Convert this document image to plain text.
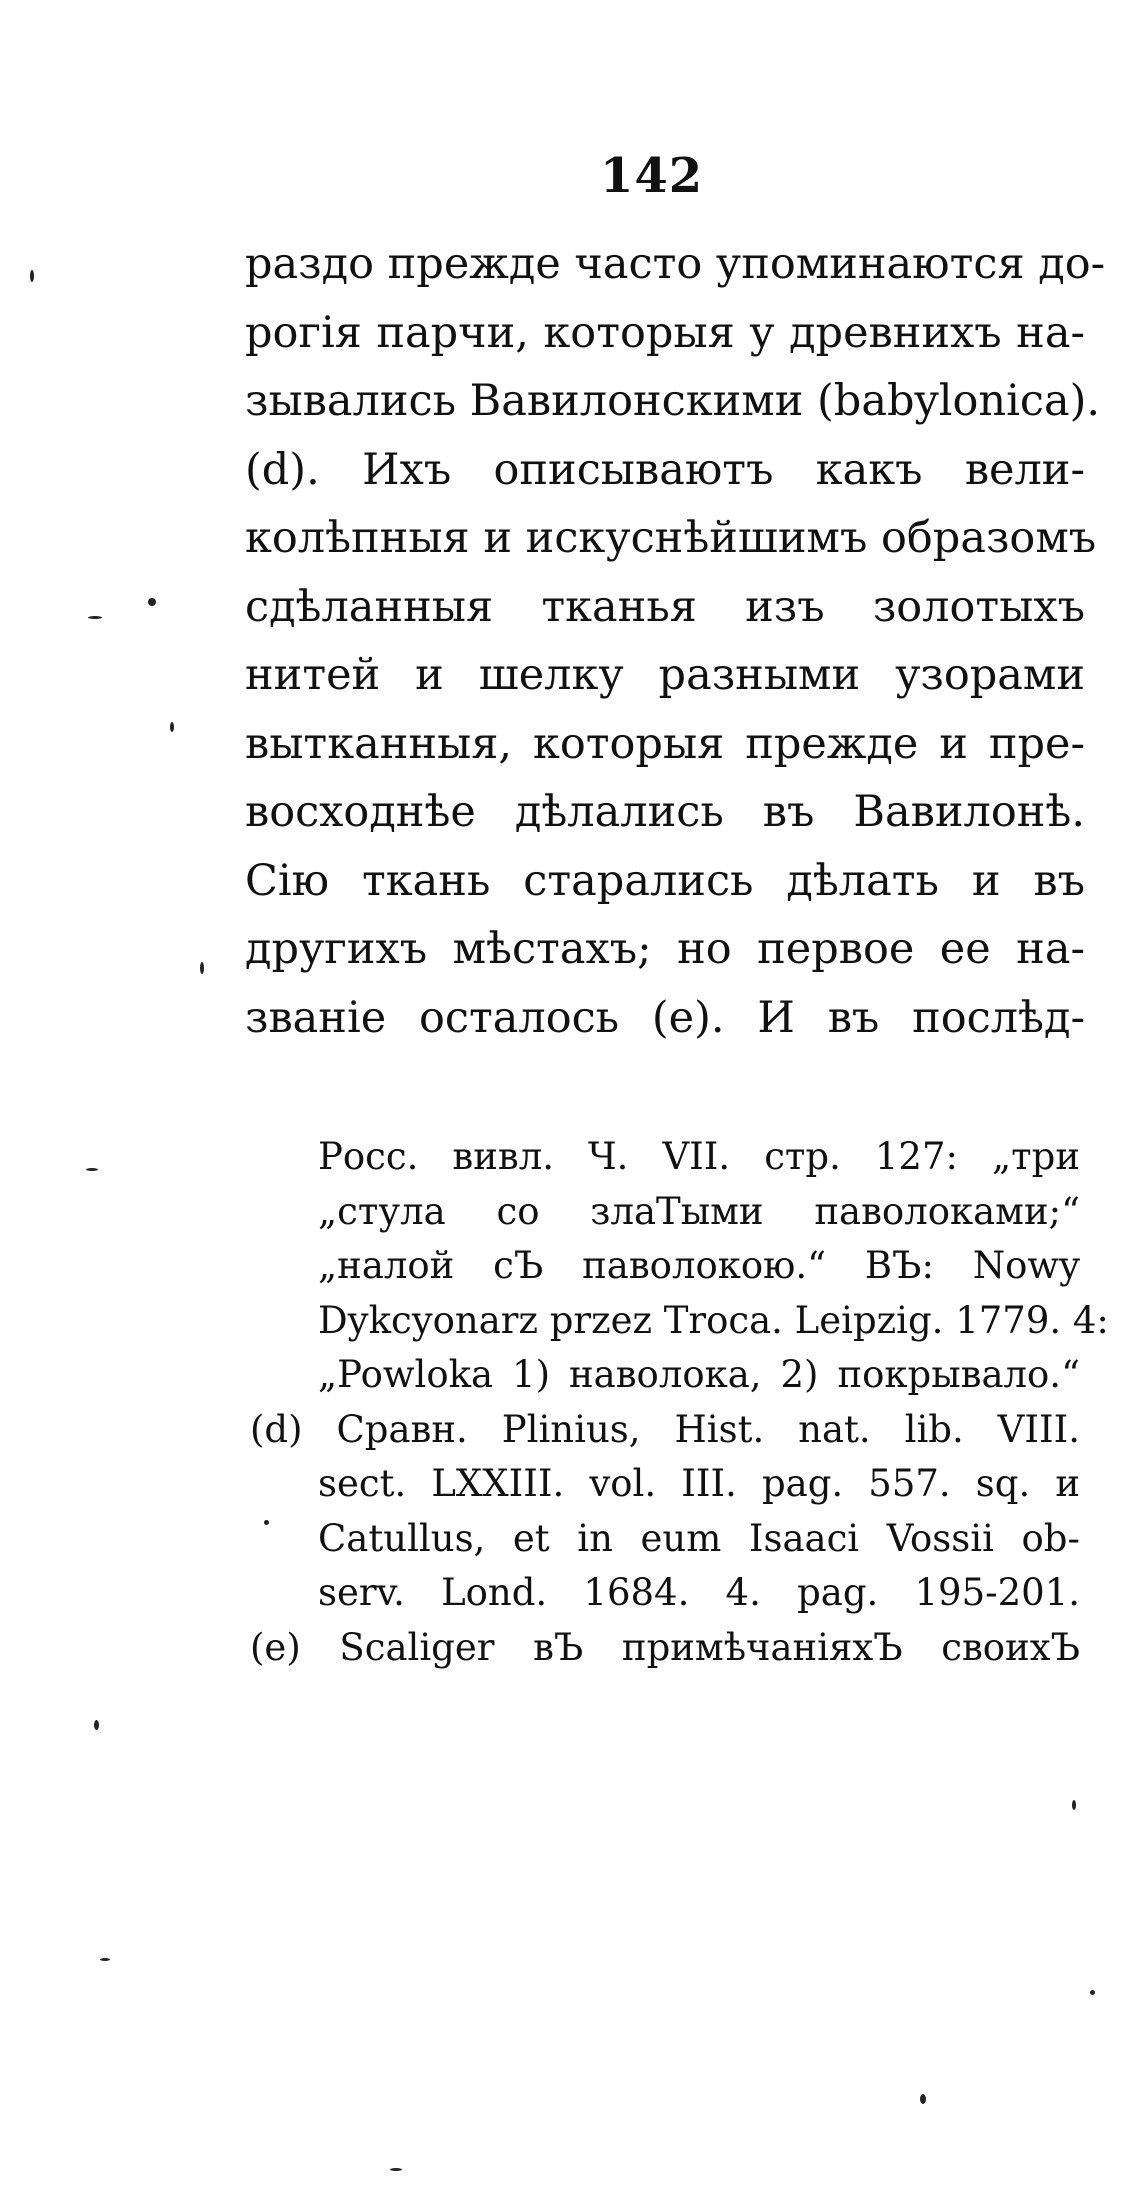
142
раздо прежде часто упоминаются до-
рогія парчи, которыя у древнихъ на-
зывались Вавилонскими (babylonica).
(d). Ихъ описываютъ какъ вели-
колѣпныя и искуснѣйшимъ образомъ
сдѣланныя тканья изъ золотыхъ
нитей и шелку разными узорами
вытканныя, которыя прежде и пре-
восходнѣе дѣлались въ Вавилонѣ.
Сію ткань старались дѣлать и въ
другихъ мѣстахъ; но первое ее на-
званіе осталось (e). И въ послѣд-
Росс. вивл. Ч. VII. стр. 127: „три
„стула со злаТыми паволоками;“
„налой сЪ паволокою.“ ВЪ: Nowy
Dykcyonarz przez Troca. Leipzig. 1779. 4:
„Powloka 1) наволока, 2) покрывало.“
(d) Сравн. Plinius, Hist. nat. lib. VIII.
sect. LXXIII. vol. III. pag. 557. sq. и
Catullus, et in eum Isaaci Vossii ob-
serv. Lond. 1684. 4. pag. 195-201.
(e) Scaliger вЪ примѣчаніяхЪ своихЪ
